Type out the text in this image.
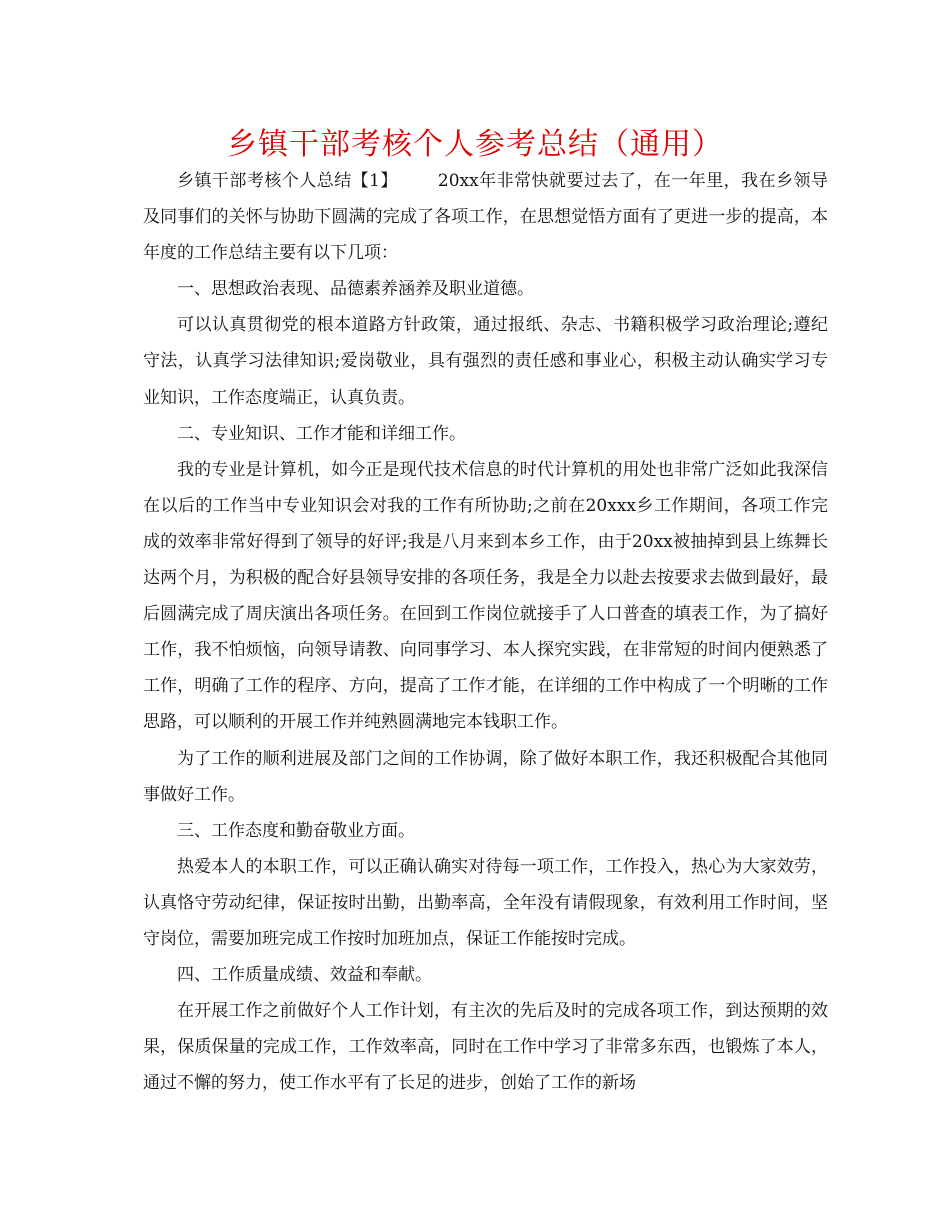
乡镇干部考核个人参考总结（通用）

乡镇干部考核个人总结【1】 20xx年非常快就要过去了，在一年里，我在乡领导及同事们的关怀与协助下圆满的完成了各项工作，在思想觉悟方面有了更进一步的提高，本年度的工作总结主要有以下几项：

一、思想政治表现、品德素养涵养及职业道德。

可以认真贯彻党的根本道路方针政策，通过报纸、杂志、书籍积极学习政治理论;遵纪守法，认真学习法律知识;爱岗敬业，具有强烈的责任感和事业心，积极主动认确实学习专业知识，工作态度端正，认真负责。

二、专业知识、工作才能和详细工作。

我的专业是计算机，如今正是现代技术信息的时代计算机的用处也非常广泛如此我深信在以后的工作当中专业知识会对我的工作有所协助;之前在20xxx乡工作期间，各项工作完成的效率非常好得到了领导的好评;我是八月来到本乡工作，由于20xx被抽掉到县上练舞长达两个月，为积极的配合好县领导安排的各项任务，我是全力以赴去按要求去做到最好，最后圆满完成了周庆演出各项任务。在回到工作岗位就接手了人口普查的填表工作，为了搞好工作，我不怕烦恼，向领导请教、向同事学习、本人探究实践，在非常短的时间内便熟悉了工作，明确了工作的程序、方向，提高了工作才能，在详细的工作中构成了一个明晰的工作思路，可以顺利的开展工作并纯熟圆满地完本钱职工作。

为了工作的顺利进展及部门之间的工作协调，除了做好本职工作，我还积极配合其他同事做好工作。

三、工作态度和勤奋敬业方面。

热爱本人的本职工作，可以正确认确实对待每一项工作，工作投入，热心为大家效劳，认真恪守劳动纪律，保证按时出勤，出勤率高，全年没有请假现象，有效利用工作时间，坚守岗位，需要加班完成工作按时加班加点，保证工作能按时完成。

四、工作质量成绩、效益和奉献。

在开展工作之前做好个人工作计划，有主次的先后及时的完成各项工作，到达预期的效果，保质保量的完成工作，工作效率高，同时在工作中学习了非常多东西，也锻炼了本人，通过不懈的努力，使工作水平有了长足的进步，创始了工作的新场
